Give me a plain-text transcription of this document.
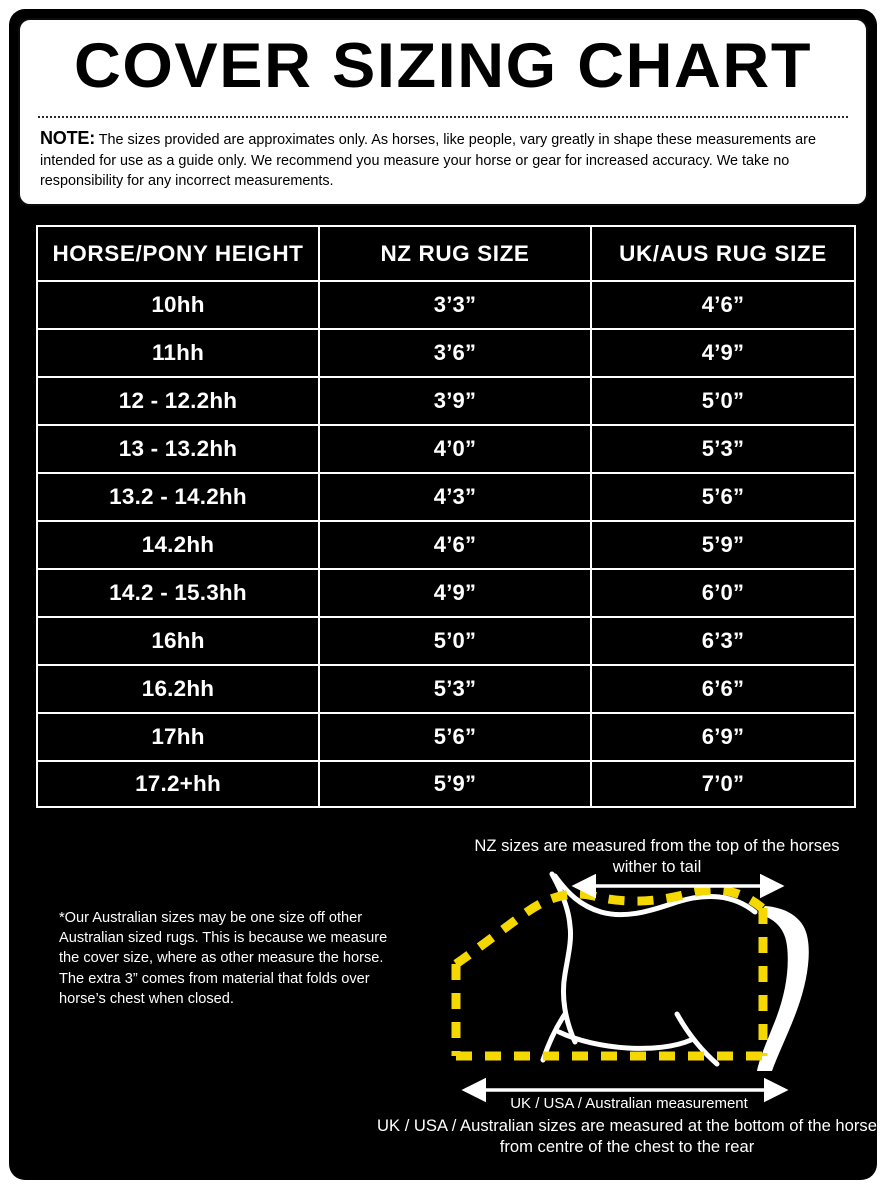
COVER SIZING CHART
NOTE: The sizes provided are approximates only. As horses, like people, vary greatly in shape these measurements are intended for use as a guide only. We recommend you measure your horse or gear for increased accuracy. We take no responsibility for any incorrect measurements.
HORSE/PONY HEIGHT	NZ RUG SIZE	UK/AUS RUG SIZE
10hh	3’3”	4’6”
11hh	3’6”	4’9”
12 - 12.2hh	3’9”	5’0”
13 - 13.2hh	4’0”	5’3”
13.2 - 14.2hh	4’3”	5’6”
14.2hh	4’6”	5’9”
14.2 - 15.3hh	4’9”	6’0”
16hh	5’0”	6’3”
16.2hh	5’3”	6’6”
17hh	5’6”	6’9”
17.2+hh	5’9”	7’0”
*Our Australian sizes may be one size off other Australian sized rugs. This is because we measure the cover size, where as other measure the horse. The extra 3” comes from material that folds over horse’s chest when closed.
NZ sizes are measured from the top of the horses wither to tail
UK / USA / Australian measurement
UK / USA / Australian sizes are measured at the bottom of the horse from centre of the chest to the rear
